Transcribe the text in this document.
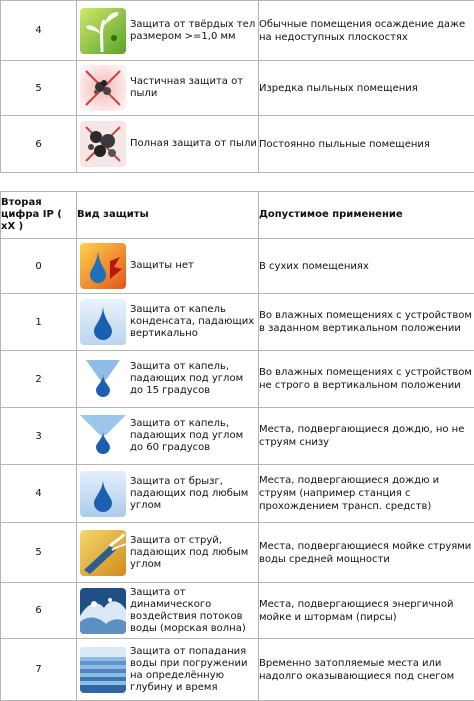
4	Защита от твёрдых тел размером >=1,0 мм	Обычные помещения осаждение даже на недоступных плоскостях
5	Частичная защита от пыли	Изредка пыльных помещения
6	Полная защита от пыли	Постоянно пыльные помещения
Вторая цифра IP ( xX )	Вид защиты	Допустимое применение
0	Защиты нет	В сухих помещениях
1	Защита от капель конденсата, падающих вертикально	Во влажных помещениях с устройством в заданном вертикальном положении
2	Защита от капель, падающих под углом до 15 градусов	Во влажных помещениях с устройством не строго в вертикальном положении
3	Защита от капель, падающих под углом до 60 градусов	Места, подвергающиеся дождю, но не струям снизу
4	Защита от брызг, падающих под любым углом	Места, подвергающиеся дождю и струям (например станция с прохождением трансп. средств)
5	Защита от струй, падающих под любым углом	Места, подвергающиеся мойке струями воды средней мощности
6	Защита от динамического воздействия потоков воды (морская волна)	Места, подвергающиеся энергичной мойке и штормам (пирсы)
7	Защита от попадания воды при погружении на определённую глубину и время	Временно затопляемые места или надолго оказывающиеся под снегом
